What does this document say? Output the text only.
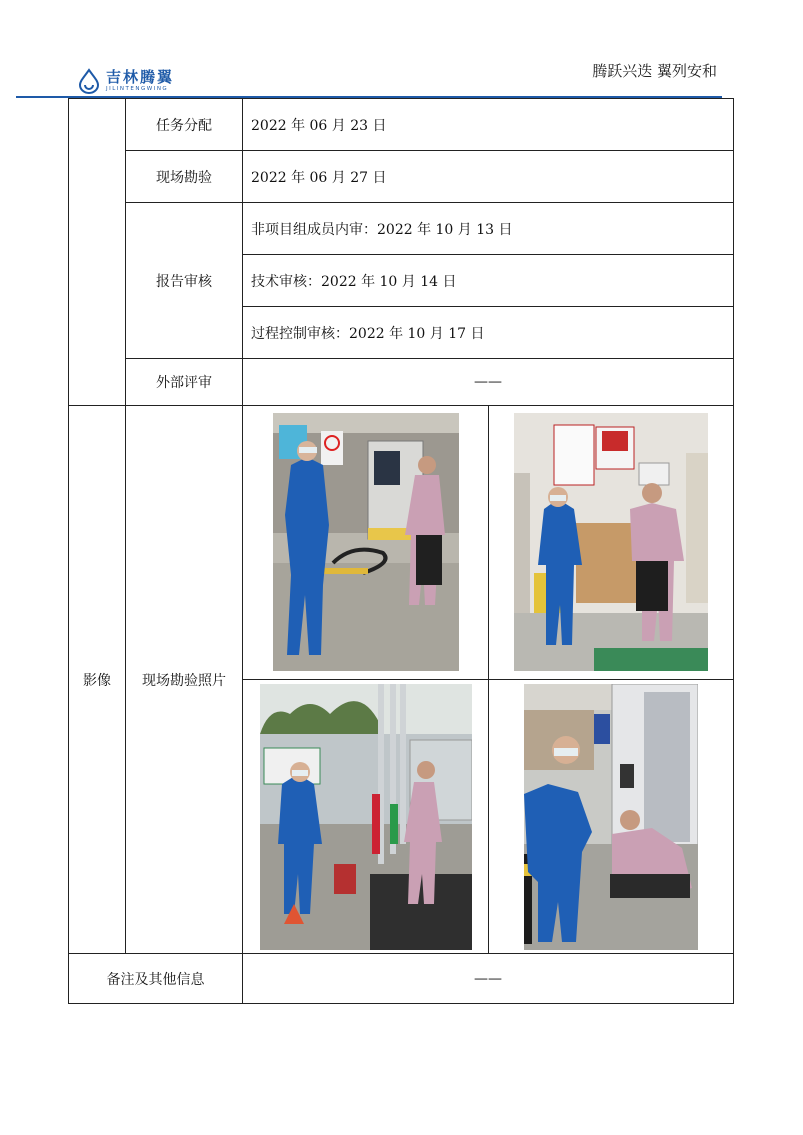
吉林腾翼
JILINTENGWING
腾跃兴迭 翼列安和
	任务分配	2022 年 06 月 23 日	
	现场勘验	2022 年 06 月 27 日	
	报告审核	非项目组成员内审：2022 年 10 月 13 日	
		技术审核：2022 年 10 月 14 日	
		过程控制审核：2022 年 10 月 17 日	
	外部评审	——	
影像	现场勘验照片	

备注及其他信息		——	
